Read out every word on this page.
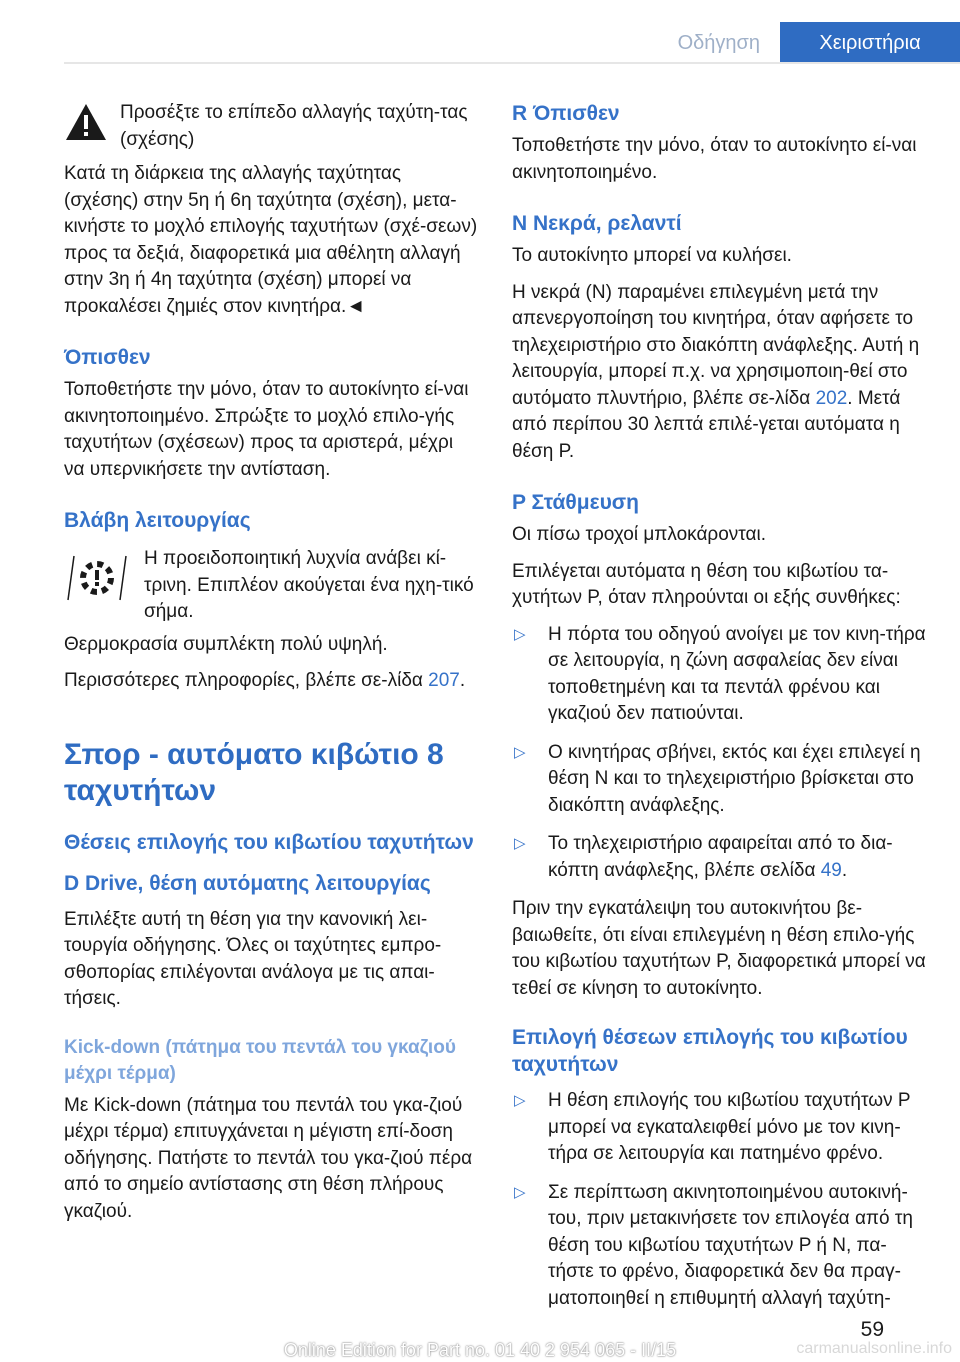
Οδήγηση	Χειριστήρια
Προσέξτε το επίπεδο αλλαγής ταχύτη-τας (σχέσης)

Κατά τη διάρκεια της αλλαγής ταχύτητας (σχέσης) στην 5η ή 6η ταχύτητα (σχέση), μετα-κινήστε το μοχλό επιλογής ταχυτήτων (σχέ-σεων) προς τα δεξιά, διαφορετικά μια αθέλητη αλλαγή στην 3η ή 4η ταχύτητα (σχέση) μπορεί να προκαλέσει ζημιές στον κινητήρα.◄

Όπισθεν

Τοποθετήστε την μόνο, όταν το αυτοκίνητο εί-ναι ακινητοποιημένο. Σπρώξτε το μοχλό επιλο-γής ταχυτήτων (σχέσεων) προς τα αριστερά, μέχρι να υπερνικήσετε την αντίσταση.

Βλάβη λειτουργίας
Η προειδοποιητική λυχνία ανάβει κί-τρινη. Επιπλέον ακούγεται ένα ηχη-τικό σήμα.

Θερμοκρασία συμπλέκτη πολύ υψηλή.

Περισσότερες πληροφορίες, βλέπε σε-λίδα 207.

Σπορ - αυτόματο κιβώτιο 8 ταχυτήτων
Θέσεις επιλογής του κιβωτίου ταχυτήτων
D Drive, θέση αυτόματης λειτουργίας

Επιλέξτε αυτή τη θέση για την κανονική λει-τουργία οδήγησης. Όλες οι ταχύτητες εμπρο-σθοπορίας επιλέγονται ανάλογα με τις απαι-τήσεις.

Kick-down (πάτημα του πεντάλ του γκαζιού μέχρι τέρμα)

Με Kick-down (πάτημα του πεντάλ του γκα-ζιού μέχρι τέρμα) επιτυγχάνεται η μέγιστη επί-δοση οδήγησης. Πατήστε το πεντάλ του γκα-ζιού πέρα από το σημείο αντίστασης στη θέση πλήρους γκαζιού.

R Όπισθεν

Τοποθετήστε την μόνο, όταν το αυτοκίνητο εί-ναι ακινητοποιημένο.

N Νεκρά, ρελαντί

Το αυτοκίνητο μπορεί να κυλήσει.

Η νεκρά (N) παραμένει επιλεγμένη μετά την απενεργοποίηση του κινητήρα, όταν αφήσετε το τηλεχειριστήριο στο διακόπτη ανάφλεξης. Αυτή η λειτουργία, μπορεί π.χ. να χρησιμοποιη-θεί στο αυτόματο πλυντήριο, βλέπε σε-λίδα 202. Μετά από περίπου 30 λεπτά επιλέ-γεται αυτόματα η θέση P.

P Στάθμευση

Οι πίσω τροχοί μπλοκάρονται.

Επιλέγεται αυτόματα η θέση του κιβωτίου τα-χυτήτων P, όταν πληρούνται οι εξής συνθήκες:

▷	Η πόρτα του οδηγού ανοίγει με τον κινη-τήρα σε λειτουργία, η ζώνη ασφαλείας δεν είναι τοποθετημένη και τα πεντάλ φρένου και γκαζιού δεν πατιούνται.
▷	Ο κινητήρας σβήνει, εκτός και έχει επιλεγεί η θέση N και το τηλεχειριστήριο βρίσκεται στο διακόπτη ανάφλεξης.
▷	Το τηλεχειριστήριο αφαιρείται από το δια-κόπτη ανάφλεξης, βλέπε σελίδα 49.

Πριν την εγκατάλειψη του αυτοκινήτου βε-βαιωθείτε, ότι είναι επιλεγμένη η θέση επιλο-γής του κιβωτίου ταχυτήτων P, διαφορετικά μπορεί να τεθεί σε κίνηση το αυτοκίνητο.

Επιλογή θέσεων επιλογής του κιβωτίου ταχυτήτων
▷	Η θέση επιλογής του κιβωτίου ταχυτήτων P μπορεί να εγκαταλειφθεί μόνο με τον κινη-τήρα σε λειτουργία και πατημένο φρένο.
▷	Σε περίπτωση ακινητοποιημένου αυτοκινή-του, πριν μετακινήσετε τον επιλογέα από τη θέση του κιβωτίου ταχυτήτων P ή N, πα-τήστε το φρένο, διαφορετικά δεν θα πραγ-ματοποιηθεί η επιθυμητή αλλαγή ταχύτη-
59
Online Edition for Part no. 01 40 2 954 065 - II/15	carmanualsonline.info
